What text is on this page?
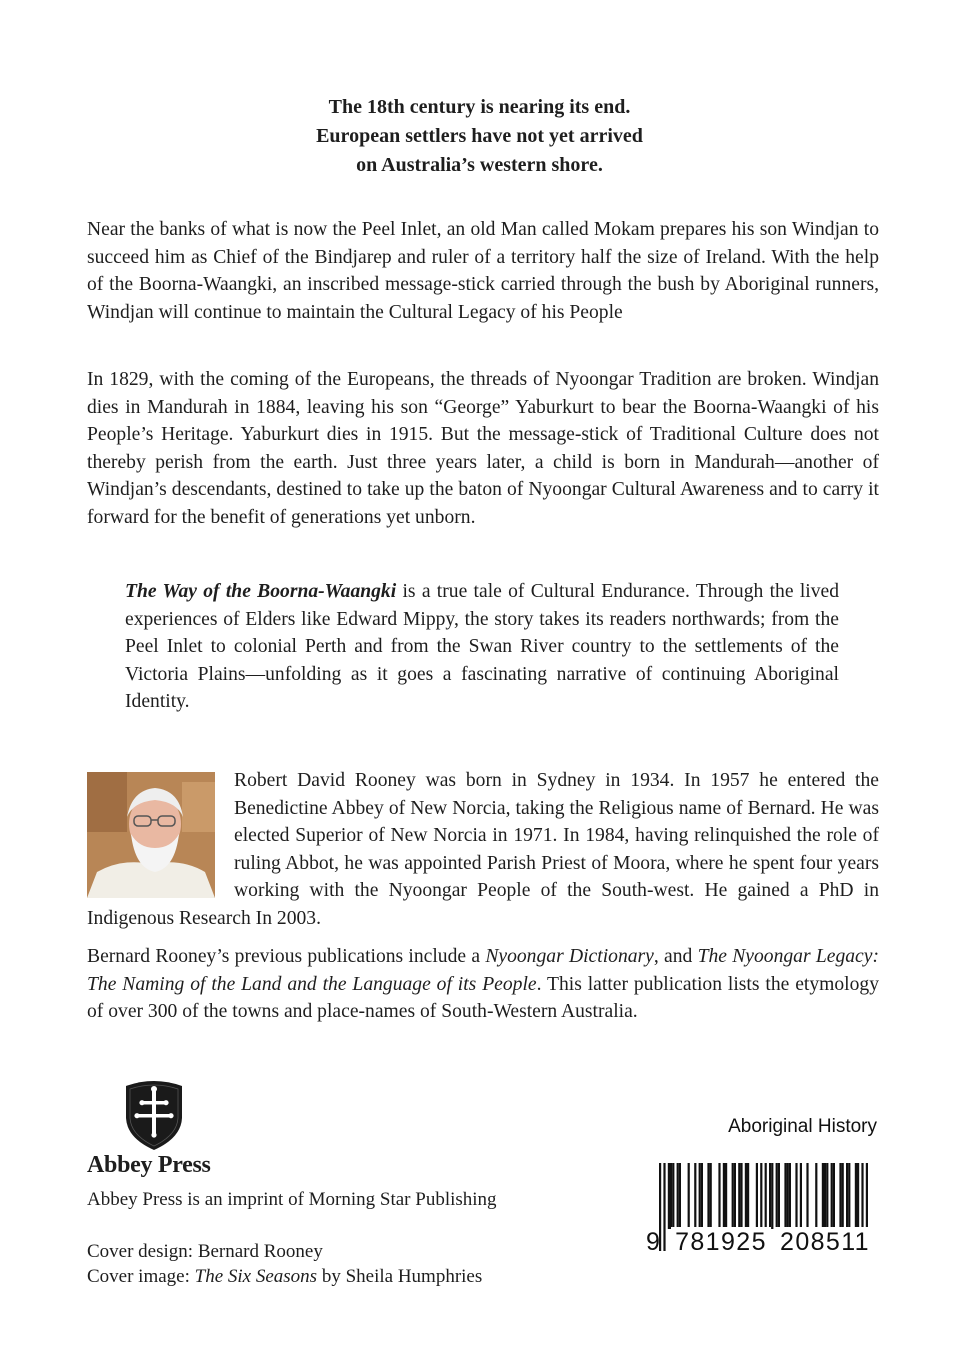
The 18th century is nearing its end.
European settlers have not yet arrived
on Australia’s western shore.

Near the banks of what is now the Peel Inlet, an old Man called Mokam prepares his son Windjan to succeed him as Chief of the Bindjarep and ruler of a territory half the size of Ireland. With the help of the Boorna-Waangki, an inscribed message-stick carried through the bush by Aboriginal runners, Windjan will continue to maintain the Cultural Legacy of his People

In 1829, with the coming of the Europeans, the threads of Nyoongar Tradition are broken. Windjan dies in Mandurah in 1884, leaving his son “George” Yaburkurt to bear the Boorna-Waangki of his People’s Heritage. Yaburkurt dies in 1915. But the message-stick of Traditional Culture does not thereby perish from the earth. Just three years later, a child is born in Mandurah—another of Windjan’s descendants, destined to take up the baton of Nyoongar Cultural Awareness and to carry it forward for the benefit of generations yet unborn.

The Way of the Boorna-Waangki is a true tale of Cultural Endurance. Through the lived experiences of Elders like Edward Mippy, the story takes its readers northwards; from the Peel Inlet to colonial Perth and from the Swan River country to the settlements of the Victoria Plains—unfolding as it goes a fascinating narrative of continuing Aboriginal Identity.

Robert David Rooney was born in Sydney in 1934. In 1957 he entered the Benedictine Abbey of New Norcia, taking the Religious name of Bernard. He was elected Superior of New Norcia in 1971. In 1984, having relinquished the role of ruling Abbot, he was appointed Parish Priest of Moora, where he spent four years working with the Nyoongar People of the South-west. He gained a PhD in Indigenous Research In 2003.

Bernard Rooney’s previous publications include a Nyoongar Dictionary, and The Nyoongar Legacy: The Naming of the Land and the Language of its People. This latter publication lists the etymology of over 300 of the towns and place-names of South-Western Australia.

Abbey Press
Abbey Press is an imprint of Morning Star Publishing
Cover design: Bernard Rooney
Cover image: The Six Seasons by Sheila Humphries
Aboriginal History
9 781925 208511
